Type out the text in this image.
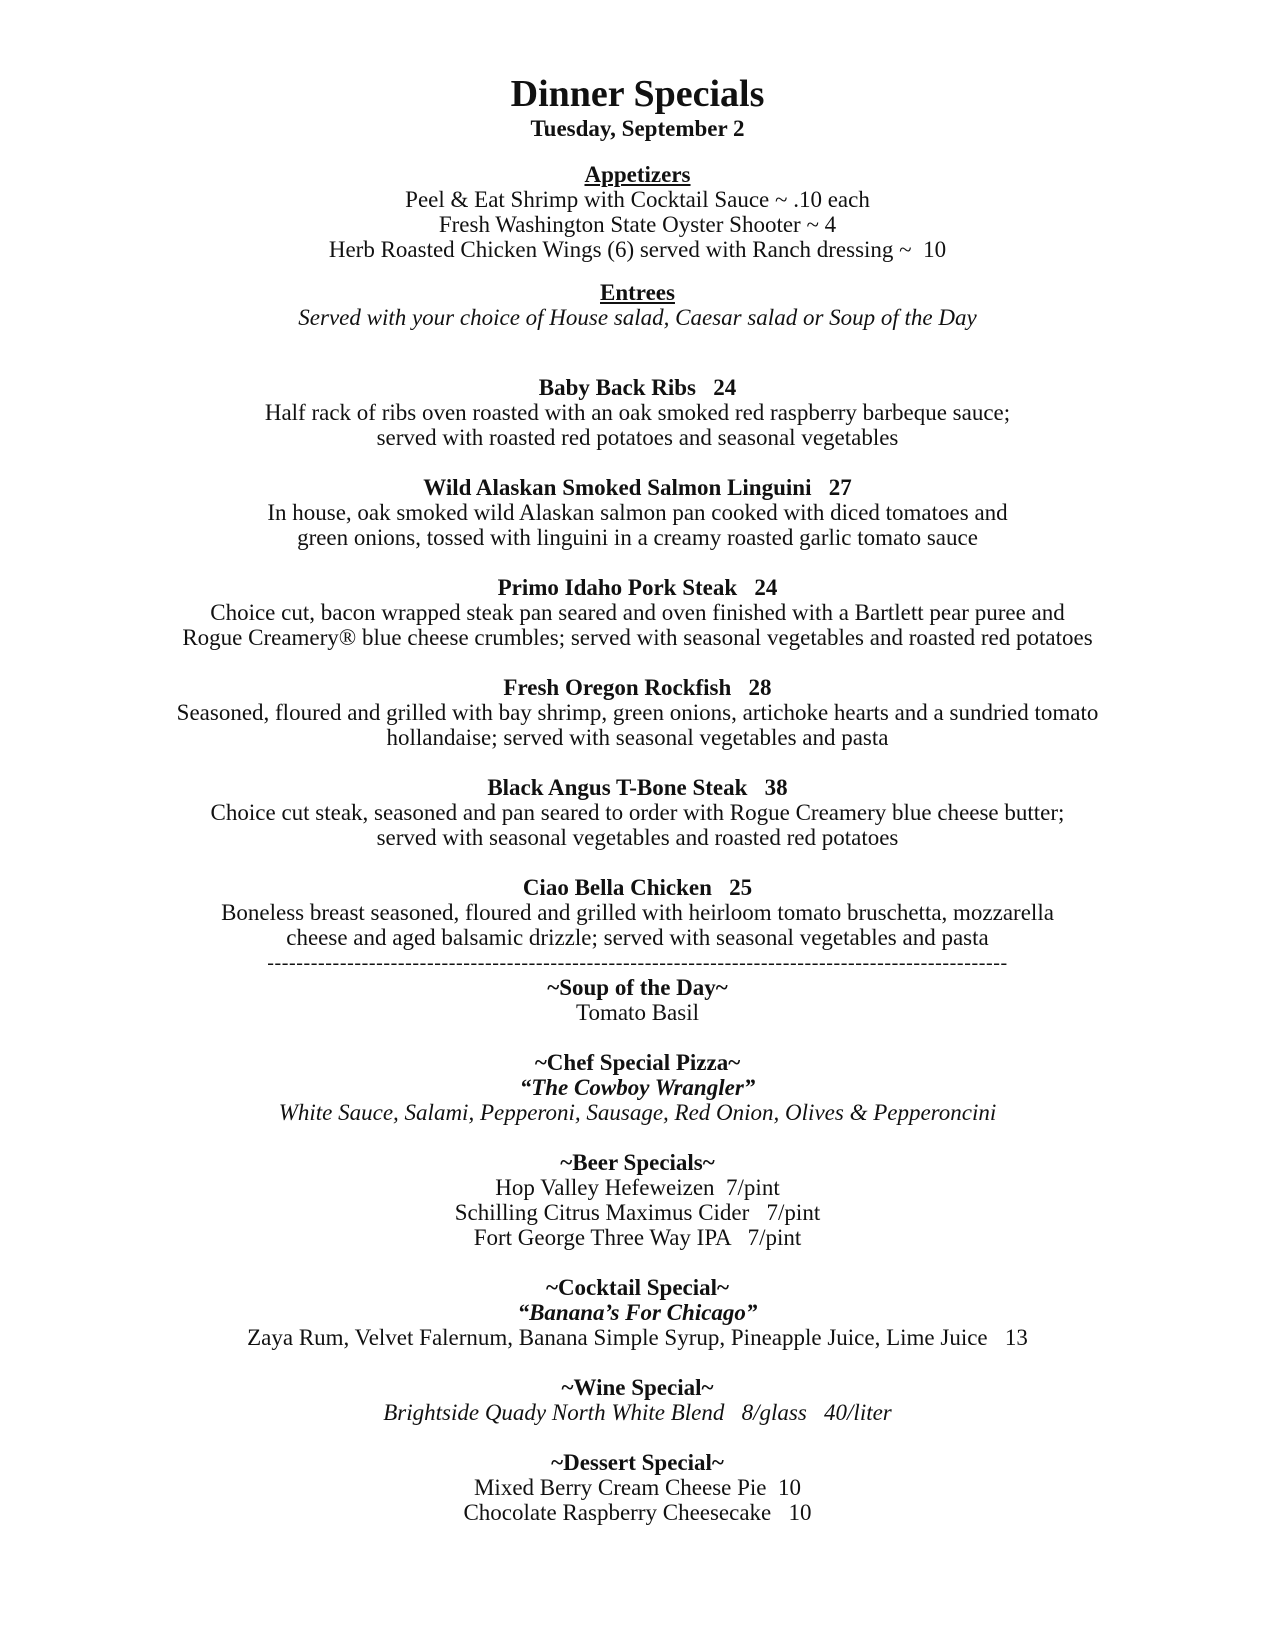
Dinner Specials
Tuesday, September 2
Appetizers
Peel & Eat Shrimp with Cocktail Sauce ~ .10 each
Fresh Washington State Oyster Shooter ~ 4
Herb Roasted Chicken Wings (6) served with Ranch dressing ~  10
Entrees
Served with your choice of House salad, Caesar salad or Soup of the Day
Baby Back Ribs   24
Half rack of ribs oven roasted with an oak smoked red raspberry barbeque sauce;
served with roasted red potatoes and seasonal vegetables
Wild Alaskan Smoked Salmon Linguini   27
In house, oak smoked wild Alaskan salmon pan cooked with diced tomatoes and
green onions, tossed with linguini in a creamy roasted garlic tomato sauce
Primo Idaho Pork Steak   24
Choice cut, bacon wrapped steak pan seared and oven finished with a Bartlett pear puree and
Rogue Creamery® blue cheese crumbles; served with seasonal vegetables and roasted red potatoes
Fresh Oregon Rockfish   28
Seasoned, floured and grilled with bay shrimp, green onions, artichoke hearts and a sundried tomato
hollandaise; served with seasonal vegetables and pasta
Black Angus T-Bone Steak   38
Choice cut steak, seasoned and pan seared to order with Rogue Creamery blue cheese butter;
served with seasonal vegetables and roasted red potatoes
Ciao Bella Chicken   25
Boneless breast seasoned, floured and grilled with heirloom tomato bruschetta, mozzarella
cheese and aged balsamic drizzle; served with seasonal vegetables and pasta
------------------------------------------------------------------------------------------------------
~Soup of the Day~
Tomato Basil
~Chef Special Pizza~
“The Cowboy Wrangler”
White Sauce, Salami, Pepperoni, Sausage, Red Onion, Olives & Pepperoncini
~Beer Specials~
Hop Valley Hefeweizen  7/pint
Schilling Citrus Maximus Cider   7/pint
Fort George Three Way IPA   7/pint
~Cocktail Special~
“Banana’s For Chicago”
Zaya Rum, Velvet Falernum, Banana Simple Syrup, Pineapple Juice, Lime Juice   13
~Wine Special~
Brightside Quady North White Blend   8/glass   40/liter
~Dessert Special~
Mixed Berry Cream Cheese Pie  10
Chocolate Raspberry Cheesecake   10
